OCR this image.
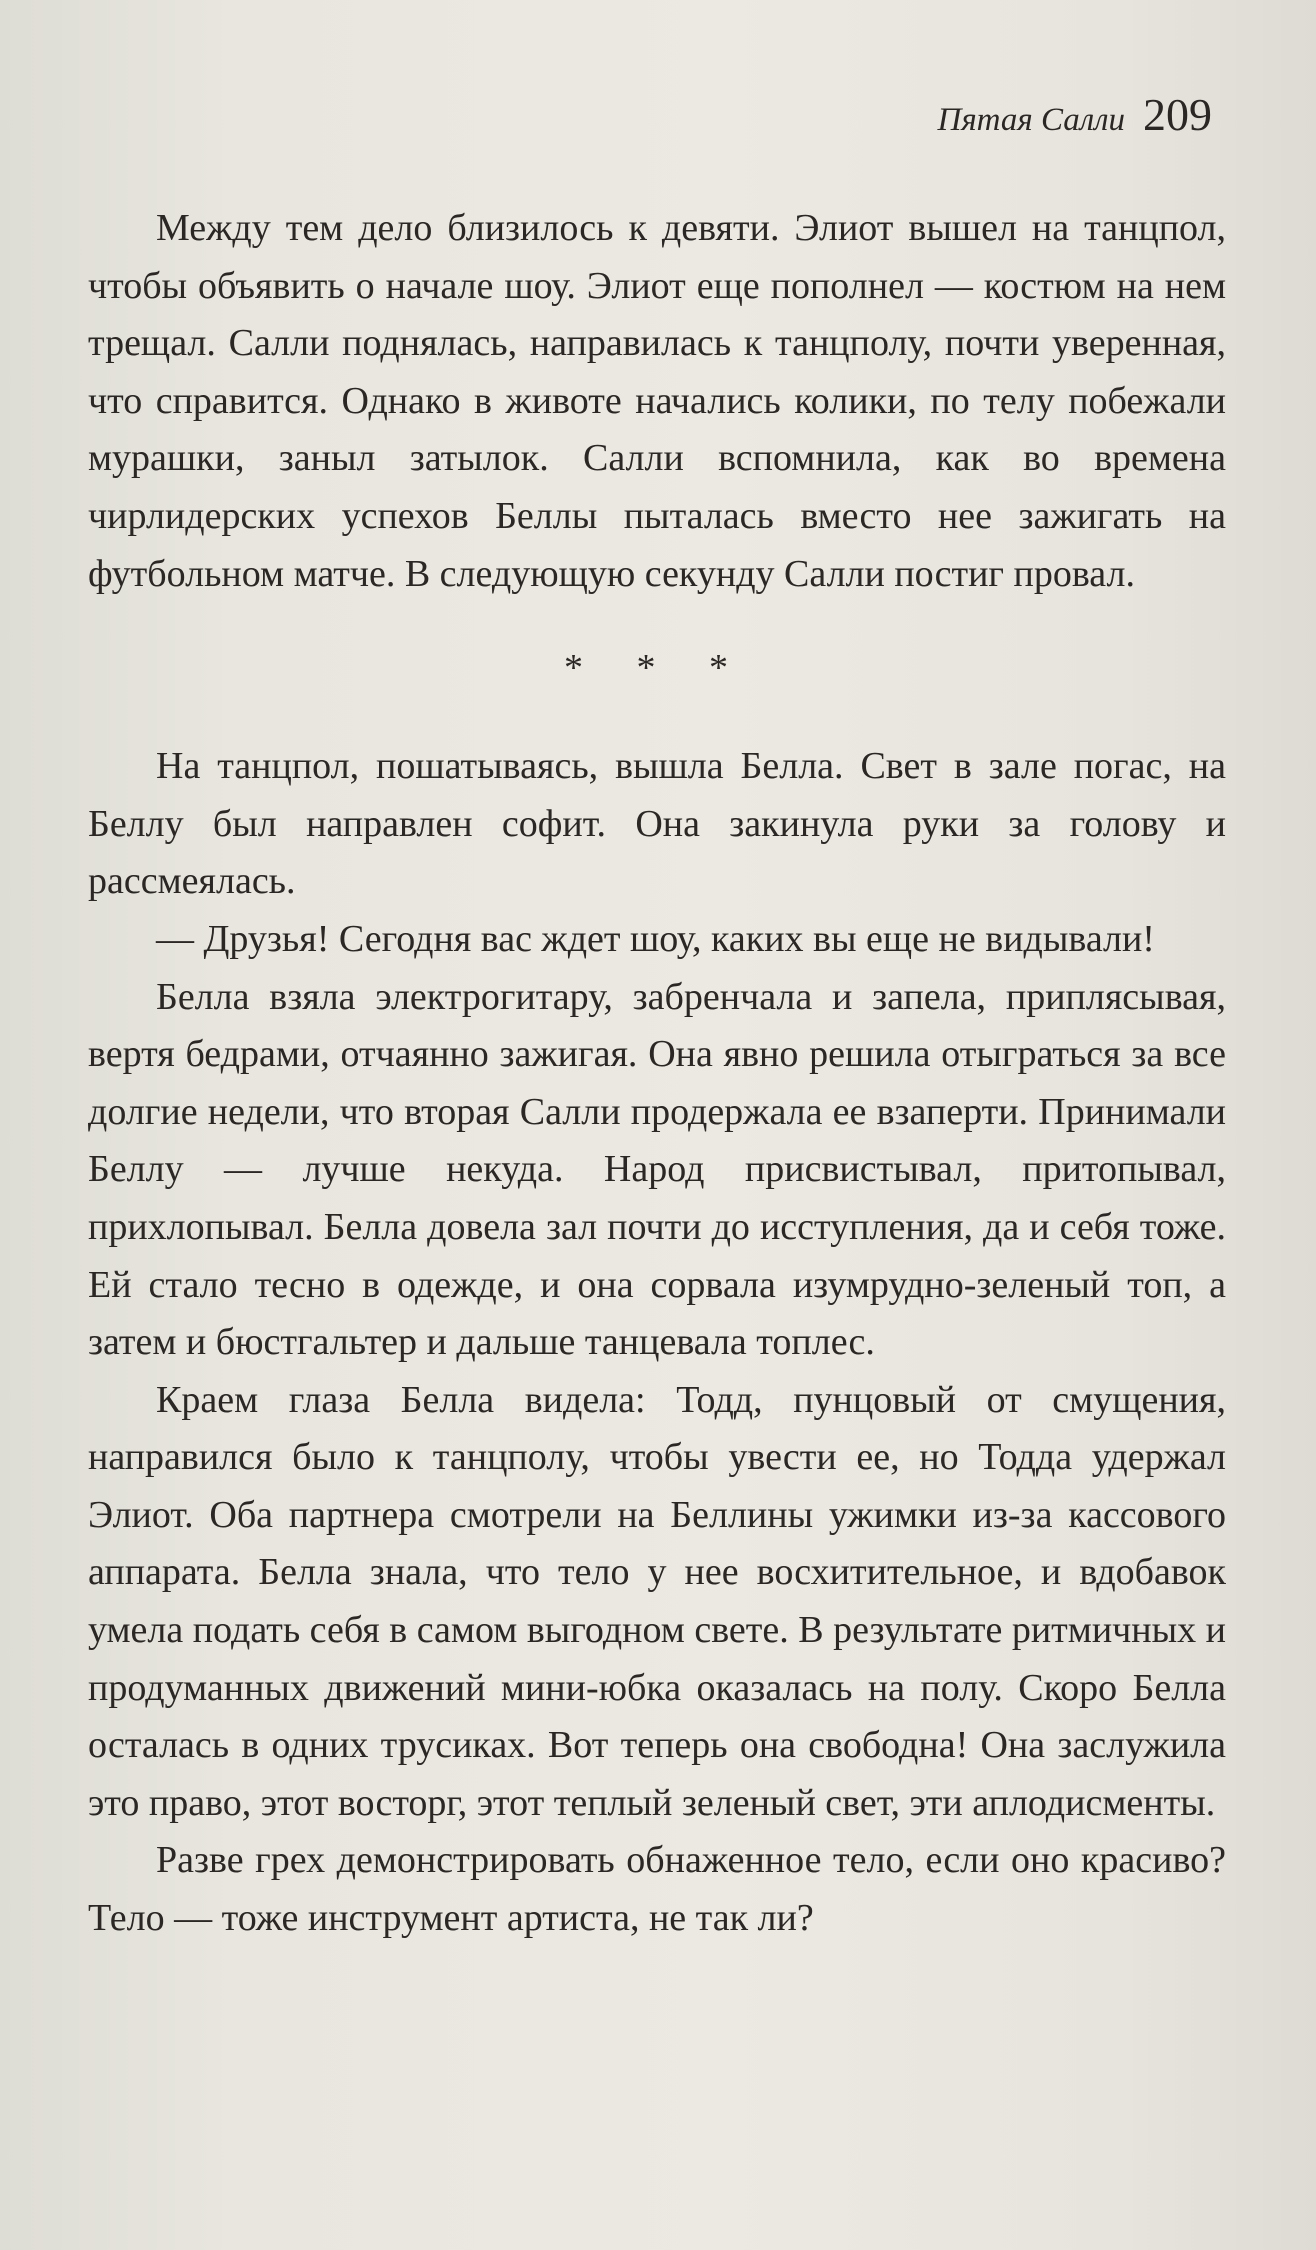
Пятая Салли 209

Между тем дело близилось к девяти. Элиот вышел на танцпол, чтобы объявить о начале шоу. Элиот еще пополнел — костюм на нем трещал. Салли поднялась, направилась к танцполу, почти уверенная, что справится. Однако в животе начались колики, по телу побежали мурашки, заныл затылок. Салли вспомнила, как во времена чирлидерских успехов Беллы пыталась вместо нее зажигать на футбольном матче. В следующую секунду Салли постиг провал.

* * *

На танцпол, пошатываясь, вышла Белла. Свет в зале погас, на Беллу был направлен софит. Она закинула руки за голову и рассмеялась.

— Друзья! Сегодня вас ждет шоу, каких вы еще не видывали!

Белла взяла электрогитару, забренчала и запела, приплясывая, вертя бедрами, отчаянно зажигая. Она явно решила отыграться за все долгие недели, что вторая Салли продержала ее взаперти. Принимали Беллу — лучше некуда. Народ присвистывал, притопывал, прихлопывал. Белла довела зал почти до исступления, да и себя тоже. Ей стало тесно в одежде, и она сорвала изумрудно-зеленый топ, а затем и бюстгальтер и дальше танцевала топлес.

Краем глаза Белла видела: Тодд, пунцовый от смущения, направился было к танцполу, чтобы увести ее, но Тодда удержал Элиот. Оба партнера смотрели на Беллины ужимки из-за кассового аппарата. Белла знала, что тело у нее восхитительное, и вдобавок умела подать себя в самом выгодном свете. В результате ритмичных и продуманных движений мини-юбка оказалась на полу. Скоро Белла осталась в одних трусиках. Вот теперь она свободна! Она заслужила это право, этот восторг, этот теплый зеленый свет, эти аплодисменты.

Разве грех демонстрировать обнаженное тело, если оно красиво? Тело — тоже инструмент артиста, не так ли?
